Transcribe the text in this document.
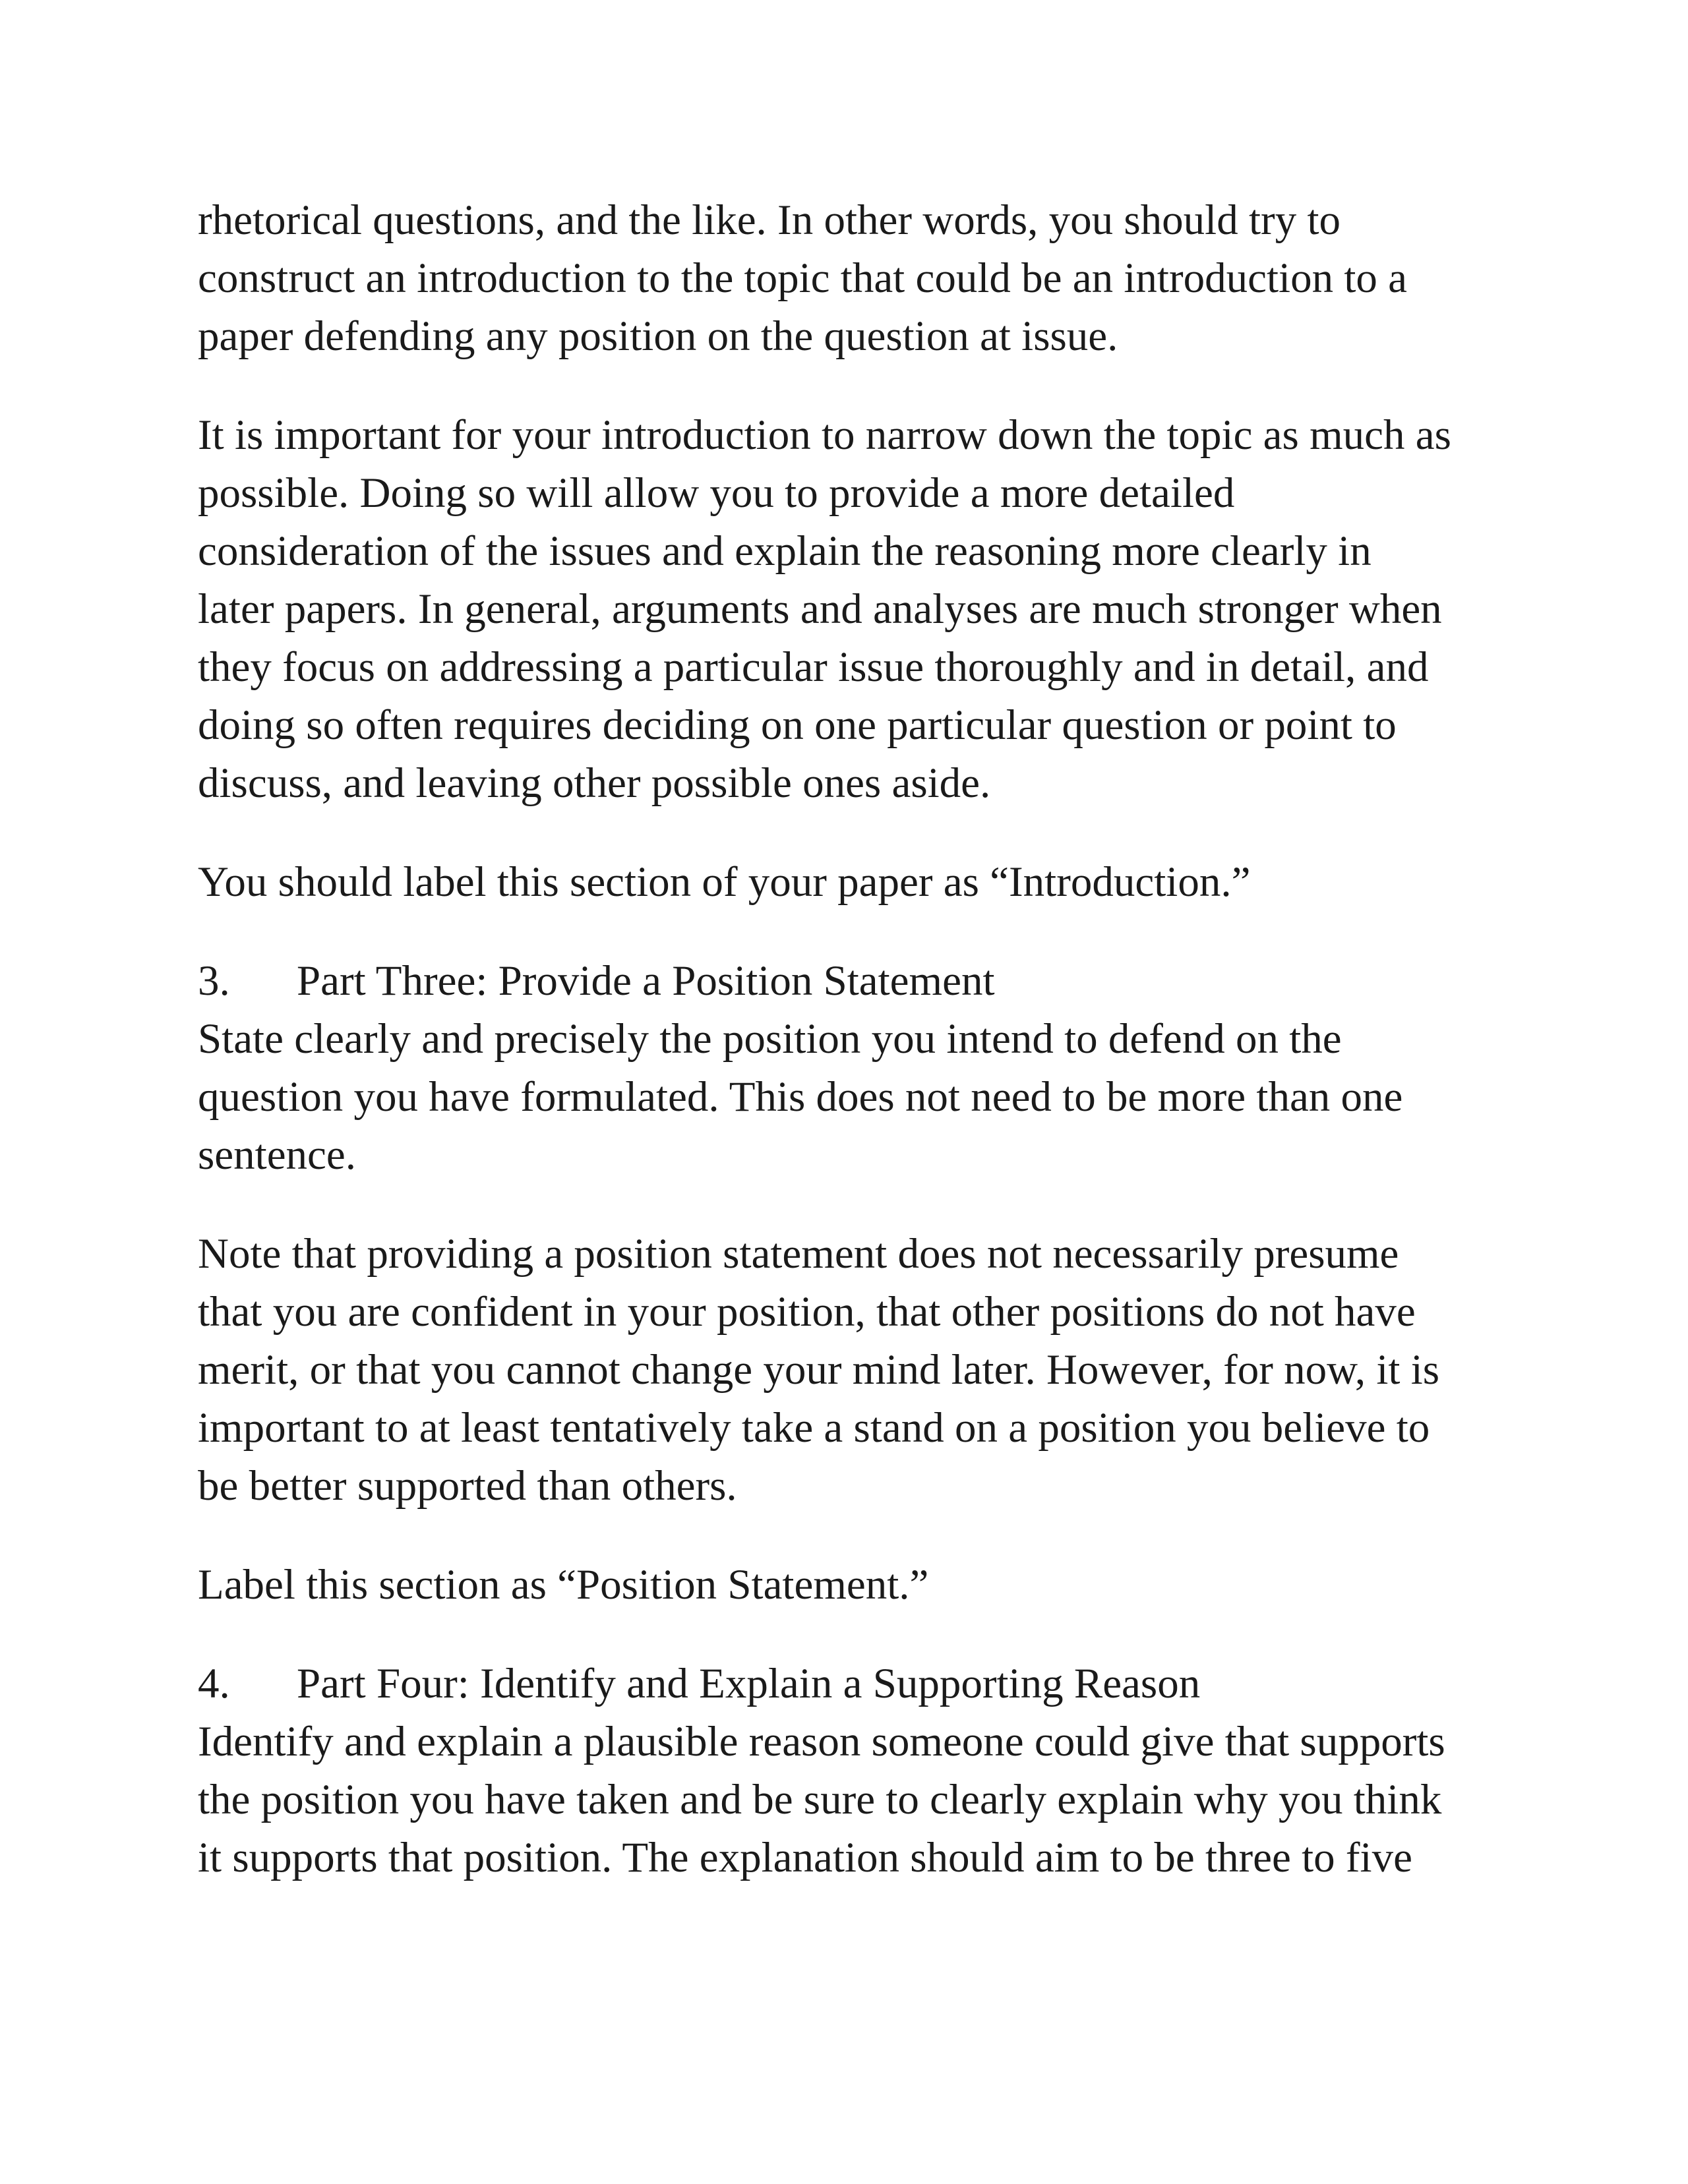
rhetorical questions, and the like. In other words, you should try to
construct an introduction to the topic that could be an introduction to a
paper defending any position on the question at issue.

It is important for your introduction to narrow down the topic as much as
possible. Doing so will allow you to provide a more detailed
consideration of the issues and explain the reasoning more clearly in
later papers. In general, arguments and analyses are much stronger when
they focus on addressing a particular issue thoroughly and in detail, and
doing so often requires deciding on one particular question or point to
discuss, and leaving other possible ones aside.

You should label this section of your paper as “Introduction.”

3.	Part Three: Provide a Position Statement

State clearly and precisely the position you intend to defend on the
question you have formulated. This does not need to be more than one
sentence.

Note that providing a position statement does not necessarily presume
that you are confident in your position, that other positions do not have
merit, or that you cannot change your mind later. However, for now, it is
important to at least tentatively take a stand on a position you believe to
be better supported than others.

Label this section as “Position Statement.”

4.	Part Four: Identify and Explain a Supporting Reason

Identify and explain a plausible reason someone could give that supports
the position you have taken and be sure to clearly explain why you think
it supports that position. The explanation should aim to be three to five
